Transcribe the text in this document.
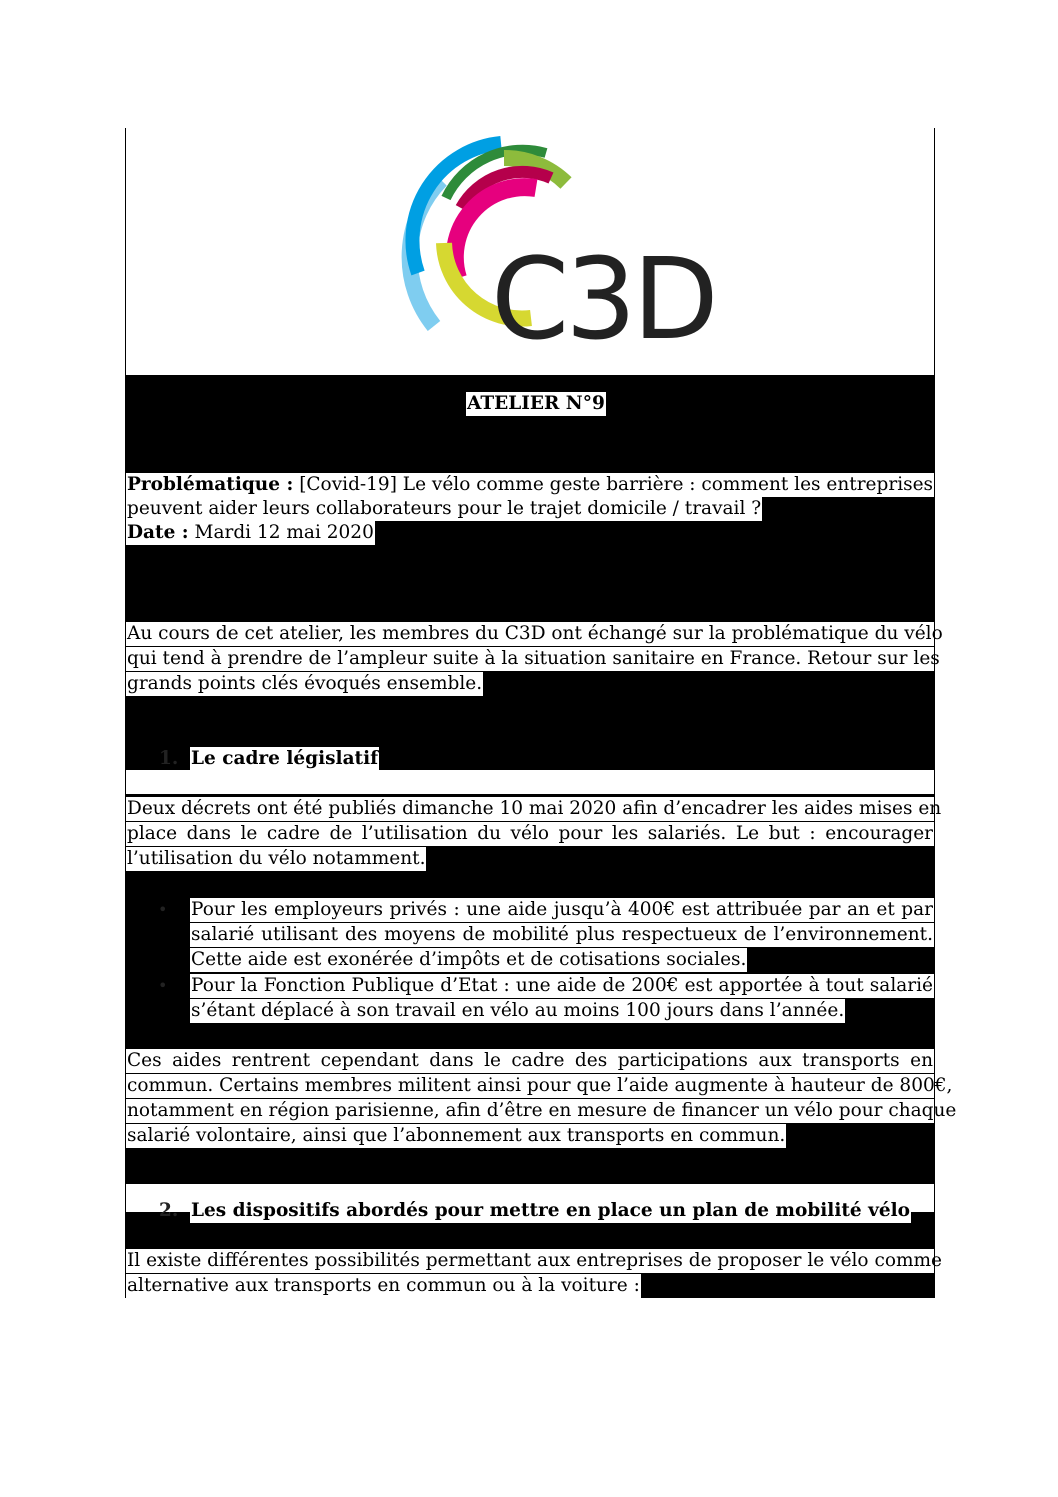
C3D
ATELIER N°9
Problématique : [Covid-19] Le vélo comme geste barrière : comment les entreprises
peuvent aider leurs collaborateurs pour le trajet domicile / travail ?
Date : Mardi 12 mai 2020
Au cours de cet atelier, les membres du C3D ont échangé sur la problématique du vélo
qui tend à prendre de l’ampleur suite à la situation sanitaire en France. Retour sur les
grands points clés évoqués ensemble.
1. Le cadre législatif
Deux décrets ont été publiés dimanche 10 mai 2020 afin d’encadrer les aides mises en
place dans le cadre de l’utilisation du vélo pour les salariés. Le but : encourager
l’utilisation du vélo notamment.
• Pour les employeurs privés : une aide jusqu’à 400€ est attribuée par an et par
salarié utilisant des moyens de mobilité plus respectueux de l’environnement.
Cette aide est exonérée d’impôts et de cotisations sociales.
• Pour la Fonction Publique d’Etat : une aide de 200€ est apportée à tout salarié
s’étant déplacé à son travail en vélo au moins 100 jours dans l’année.
Ces aides rentrent cependant dans le cadre des participations aux transports en
commun. Certains membres militent ainsi pour que l’aide augmente à hauteur de 800€,
notamment en région parisienne, afin d’être en mesure de financer un vélo pour chaque
salarié volontaire, ainsi que l’abonnement aux transports en commun.
2. Les dispositifs abordés pour mettre en place un plan de mobilité vélo
Il existe différentes possibilités permettant aux entreprises de proposer le vélo comme
alternative aux transports en commun ou à la voiture :
